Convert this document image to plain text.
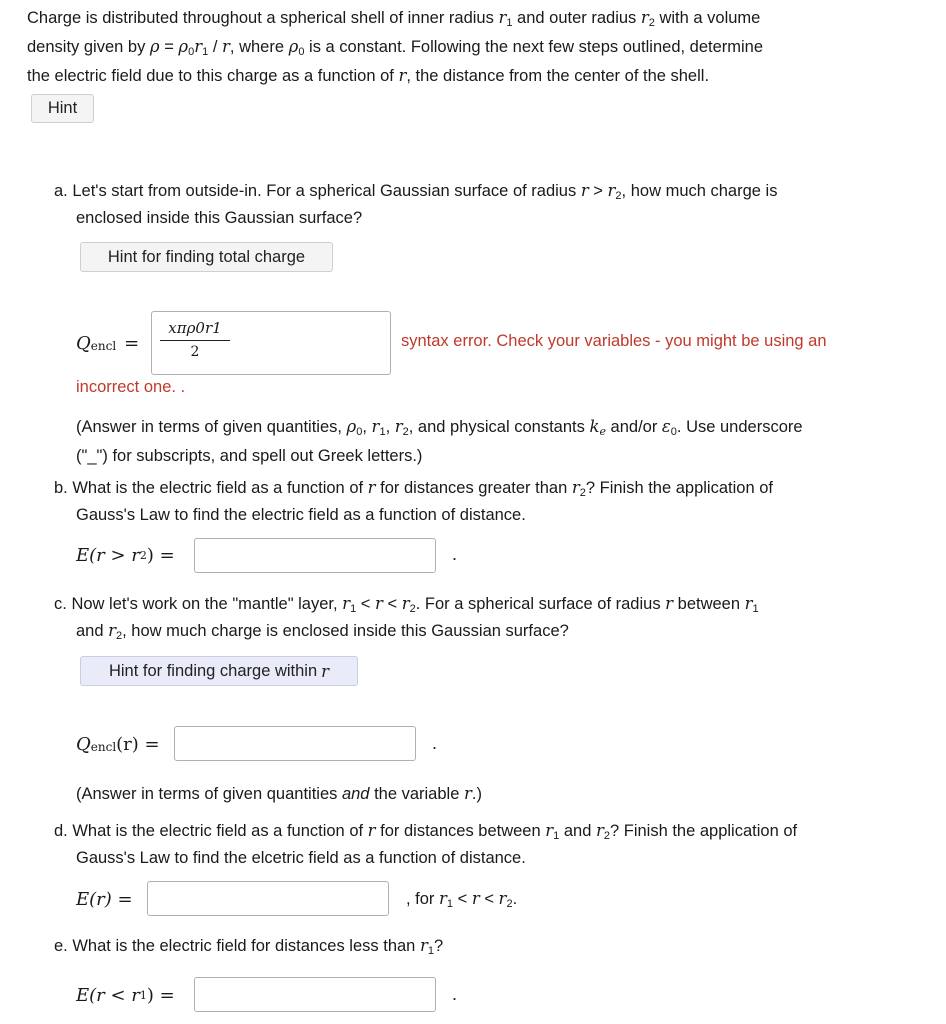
Charge is distributed throughout a spherical shell of inner radius $r_1$ and outer radius $r_2$ with a volume
density given by $\rho = \rho_0r_1 / r$, where $\rho_0$ is a constant. Following the next few steps outlined, determine
the electric field due to this charge as a function of r, the distance from the center of the shell.
Hint
a. Let's start from outside-in. For a spherical Gaussian surface of radius $r > r_2$, how much charge is
enclosed inside this Gaussian surface?
Hint for finding total charge
Q encl =
xπρ0r1
2
syntax error. Check your variables - you might be using an
incorrect one. .
(Answer in terms of given quantities, $\rho_0$, $r_1$, $r_2$, and physical constants $k_e$ and/or $\varepsilon_0$. Use underscore
("_") for subscripts, and spell out Greek letters.)
b. What is the electric field as a function of r for distances greater than $r_2$? Finish the application of
Gauss's Law to find the electric field as a function of distance.
E(r > r 2 ) =	.
c. Now let's work on the "mantle" layer, $r_1 < r < r_2$. For a spherical surface of radius r between $r_1$
and $r_2$, how much charge is enclosed inside this Gaussian surface?
Hint for finding charge within r
Q encl (r) =	.
(Answer in terms of given quantities and the variable r.)
d. What is the electric field as a function of r for distances between $r_1$ and $r_2$? Finish the application of
Gauss's Law to find the elcetric field as a function of distance.
E(r) =	, for $r_1 < r < r_2$.
e. What is the electric field for distances less than $r_1$?
E(r < r 1 ) =	.
